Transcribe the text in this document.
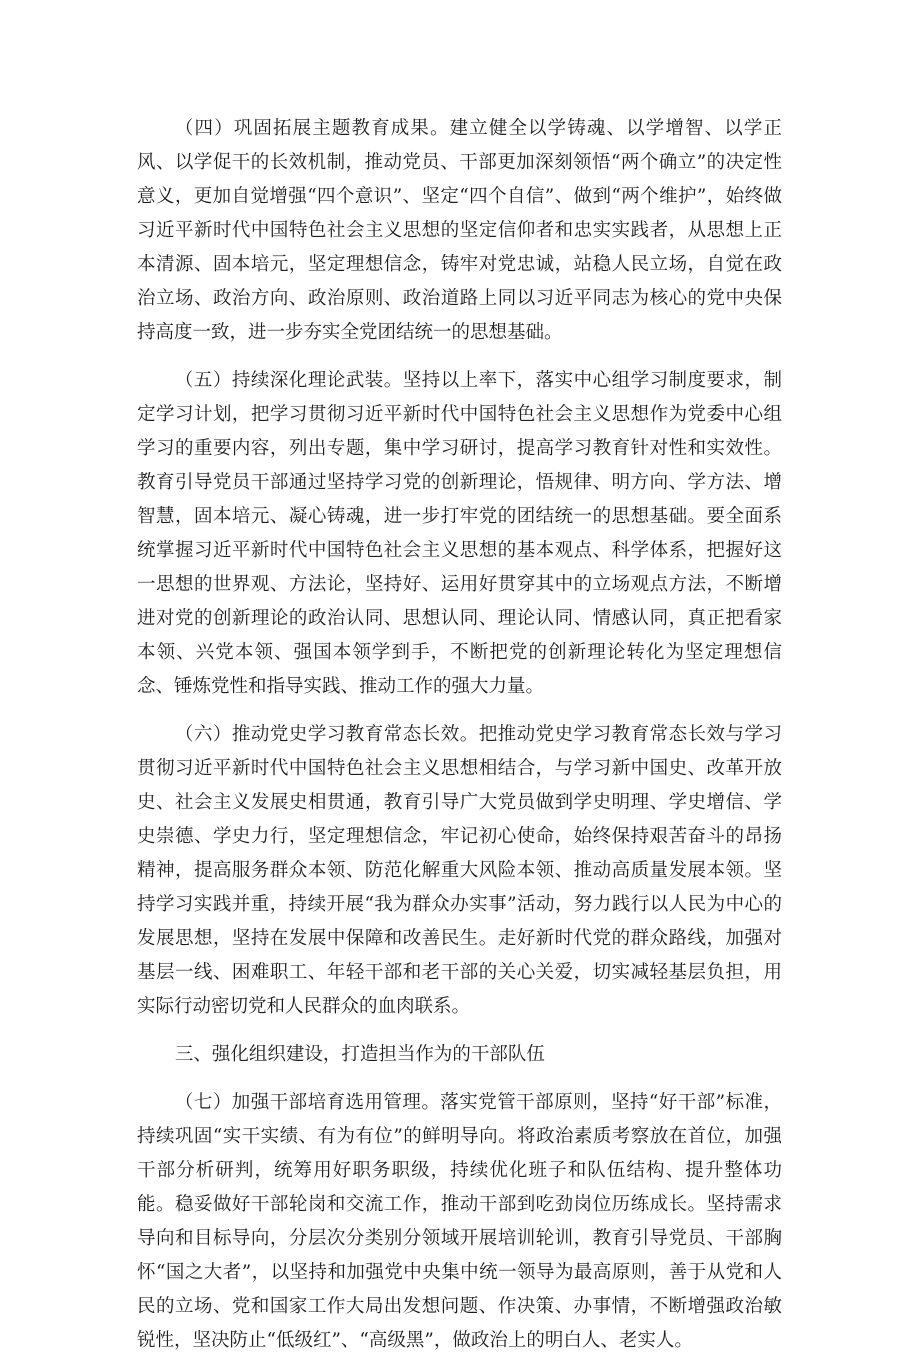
（四）巩固拓展主题教育成果。建立健全以学铸魂、以学增智、以学正风、以学促干的长效机制，推动党员、干部更加深刻领悟“两个确立”的决定性意义，更加自觉增强“四个意识”、坚定“四个自信”、做到“两个维护”，始终做习近平新时代中国特色社会主义思想的坚定信仰者和忠实实践者，从思想上正本清源、固本培元，坚定理想信念，铸牢对党忠诚，站稳人民立场，自觉在政治立场、政治方向、政治原则、政治道路上同以习近平同志为核心的党中央保持高度一致，进一步夯实全党团结统一的思想基础。

（五）持续深化理论武装。坚持以上率下，落实中心组学习制度要求，制定学习计划，把学习贯彻习近平新时代中国特色社会主义思想作为党委中心组学习的重要内容，列出专题，集中学习研讨，提高学习教育针对性和实效性。教育引导党员干部通过坚持学习党的创新理论，悟规律、明方向、学方法、增智慧，固本培元、凝心铸魂，进一步打牢党的团结统一的思想基础。要全面系统掌握习近平新时代中国特色社会主义思想的基本观点、科学体系，把握好这一思想的世界观、方法论，坚持好、运用好贯穿其中的立场观点方法，不断增进对党的创新理论的政治认同、思想认同、理论认同、情感认同，真正把看家本领、兴党本领、强国本领学到手，不断把党的创新理论转化为坚定理想信念、锤炼党性和指导实践、推动工作的强大力量。

（六）推动党史学习教育常态长效。把推动党史学习教育常态长效与学习贯彻习近平新时代中国特色社会主义思想相结合，与学习新中国史、改革开放史、社会主义发展史相贯通，教育引导广大党员做到学史明理、学史增信、学史崇德、学史力行，坚定理想信念，牢记初心使命，始终保持艰苦奋斗的昂扬精神，提高服务群众本领、防范化解重大风险本领、推动高质量发展本领。坚持学习实践并重，持续开展“我为群众办实事”活动，努力践行以人民为中心的发展思想，坚持在发展中保障和改善民生。走好新时代党的群众路线，加强对基层一线、困难职工、年轻干部和老干部的关心关爱，切实减轻基层负担，用实际行动密切党和人民群众的血肉联系。

三、强化组织建设，打造担当作为的干部队伍

（七）加强干部培育选用管理。落实党管干部原则，坚持“好干部”标准，持续巩固“实干实绩、有为有位”的鲜明导向。将政治素质考察放在首位，加强干部分析研判，统筹用好职务职级，持续优化班子和队伍结构、提升整体功能。稳妥做好干部轮岗和交流工作，推动干部到吃劲岗位历练成长。坚持需求导向和目标导向，分层次分类别分领域开展培训轮训，教育引导党员、干部胸怀“国之大者”，以坚持和加强党中央集中统一领导为最高原则，善于从党和人民的立场、党和国家工作大局出发想问题、作决策、办事情，不断增强政治敏锐性，坚决防止“低级红”、“高级黑”，做政治上的明白人、老实人。
